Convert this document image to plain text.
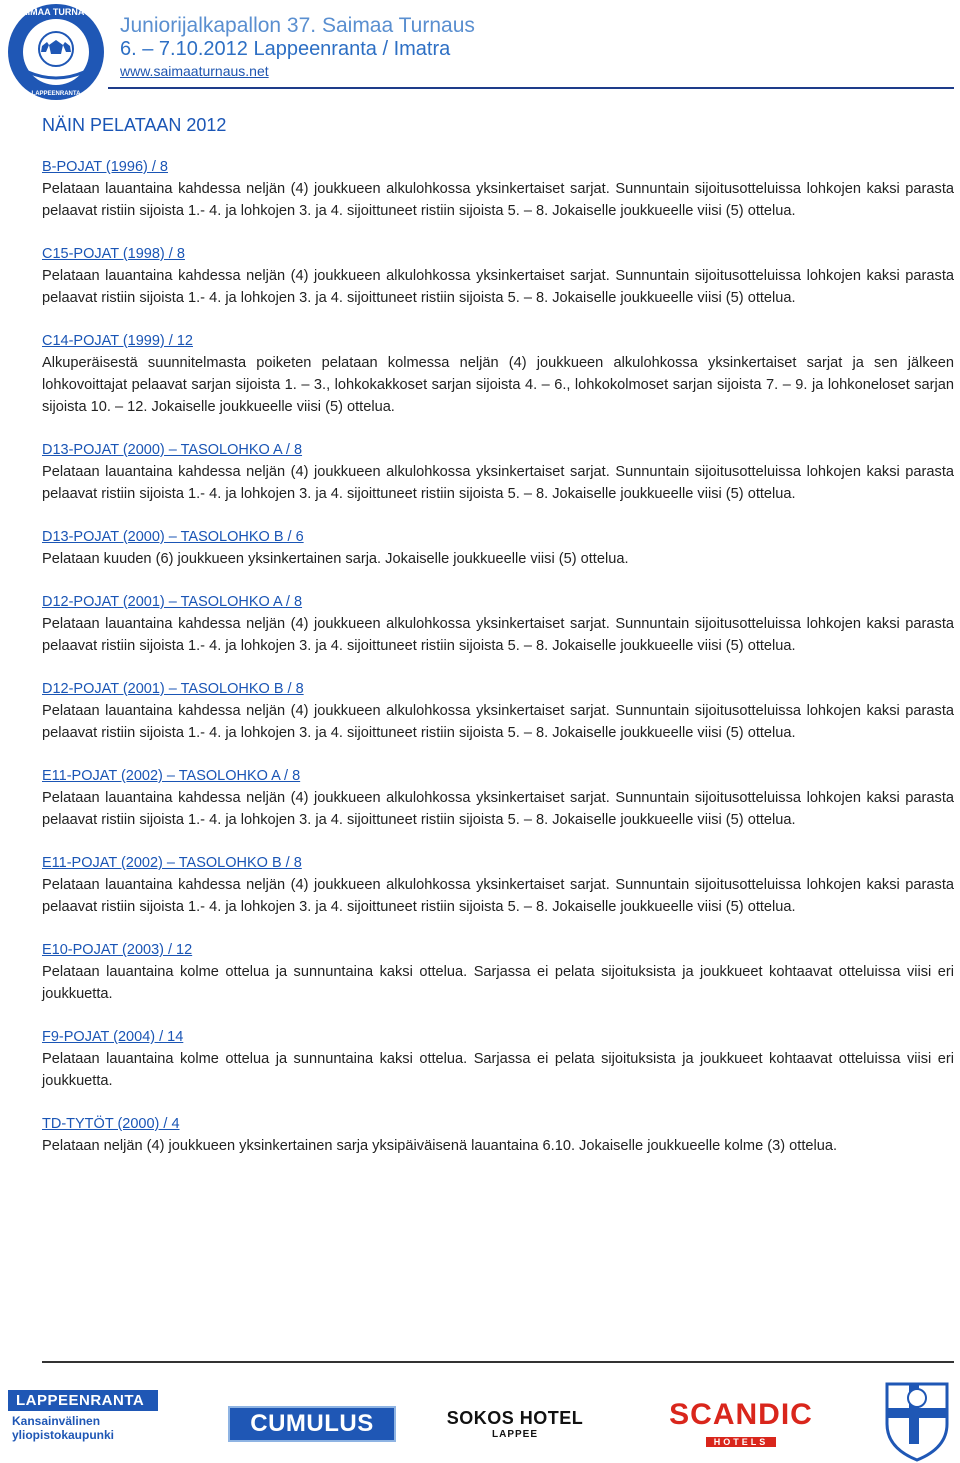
SAIMAA TURNAUS
LAPPEENRANTA
Juniorijalkapallon 37. Saimaa Turnaus
6. – 7.10.2012 Lappeenranta / Imatra
www.saimaaturnaus.net
NÄIN PELATAAN 2012
B-POJAT (1996) / 8
Pelataan lauantaina kahdessa neljän (4) joukkueen alkulohkossa yksinkertaiset sarjat. Sunnuntain sijoitusotteluissa lohkojen kaksi parasta pelaavat ristiin sijoista 1.- 4. ja lohkojen 3. ja 4. sijoittuneet ristiin sijoista 5. – 8. Jokaiselle joukkueelle viisi (5) ottelua.
C15-POJAT (1998) / 8
Pelataan lauantaina kahdessa neljän (4) joukkueen alkulohkossa yksinkertaiset sarjat. Sunnuntain sijoitusotteluissa lohkojen kaksi parasta pelaavat ristiin sijoista 1.- 4. ja lohkojen 3. ja 4. sijoittuneet ristiin sijoista 5. – 8. Jokaiselle joukkueelle viisi (5) ottelua.
C14-POJAT (1999) / 12
Alkuperäisestä suunnitelmasta poiketen pelataan kolmessa neljän (4) joukkueen alkulohkossa yksinkertaiset sarjat ja sen jälkeen lohkovoittajat pelaavat sarjan sijoista 1. – 3., lohkokakkoset sarjan sijoista 4. – 6., lohkokolmoset sarjan sijoista 7. – 9. ja lohkoneloset sarjan sijoista 10. – 12. Jokaiselle joukkueelle viisi (5) ottelua.
D13-POJAT (2000) – TASOLOHKO A / 8
Pelataan lauantaina kahdessa neljän (4) joukkueen alkulohkossa yksinkertaiset sarjat. Sunnuntain sijoitusotteluissa lohkojen kaksi parasta pelaavat ristiin sijoista 1.- 4. ja lohkojen 3. ja 4. sijoittuneet ristiin sijoista 5. – 8. Jokaiselle joukkueelle viisi (5) ottelua.
D13-POJAT (2000) – TASOLOHKO B / 6
Pelataan kuuden (6) joukkueen yksinkertainen sarja. Jokaiselle joukkueelle viisi (5) ottelua.
D12-POJAT (2001) – TASOLOHKO A / 8
Pelataan lauantaina kahdessa neljän (4) joukkueen alkulohkossa yksinkertaiset sarjat. Sunnuntain sijoitusotteluissa lohkojen kaksi parasta pelaavat ristiin sijoista 1.- 4. ja lohkojen 3. ja 4. sijoittuneet ristiin sijoista 5. – 8. Jokaiselle joukkueelle viisi (5) ottelua.
D12-POJAT (2001) – TASOLOHKO B / 8
Pelataan lauantaina kahdessa neljän (4) joukkueen alkulohkossa yksinkertaiset sarjat. Sunnuntain sijoitusotteluissa lohkojen kaksi parasta pelaavat ristiin sijoista 1.- 4. ja lohkojen 3. ja 4. sijoittuneet ristiin sijoista 5. – 8. Jokaiselle joukkueelle viisi (5) ottelua.
E11-POJAT (2002) – TASOLOHKO A / 8
Pelataan lauantaina kahdessa neljän (4) joukkueen alkulohkossa yksinkertaiset sarjat. Sunnuntain sijoitusotteluissa lohkojen kaksi parasta pelaavat ristiin sijoista 1.- 4. ja lohkojen 3. ja 4. sijoittuneet ristiin sijoista 5. – 8. Jokaiselle joukkueelle viisi (5) ottelua.
E11-POJAT (2002) – TASOLOHKO B / 8
Pelataan lauantaina kahdessa neljän (4) joukkueen alkulohkossa yksinkertaiset sarjat. Sunnuntain sijoitusotteluissa lohkojen kaksi parasta pelaavat ristiin sijoista 1.- 4. ja lohkojen 3. ja 4. sijoittuneet ristiin sijoista 5. – 8. Jokaiselle joukkueelle viisi (5) ottelua.
E10-POJAT (2003) / 12
Pelataan lauantaina kolme ottelua ja sunnuntaina kaksi ottelua. Sarjassa ei pelata sijoituksista ja joukkueet kohtaavat otteluissa viisi eri joukkuetta.
F9-POJAT (2004) / 14
Pelataan lauantaina kolme ottelua ja sunnuntaina kaksi ottelua. Sarjassa ei pelata sijoituksista ja joukkueet kohtaavat otteluissa viisi eri joukkuetta.
TD-TYTÖT (2000) / 4
Pelataan neljän (4) joukkueen yksinkertainen sarja yksipäiväisenä lauantaina 6.10. Jokaiselle joukkueelle kolme (3) ottelua.
LAPPEENRANTA
Kansainvälinen yliopistokaupunki	CUMULUS	SOKOS HOTEL
LAPPEE
SCANDIC
HOTELS
